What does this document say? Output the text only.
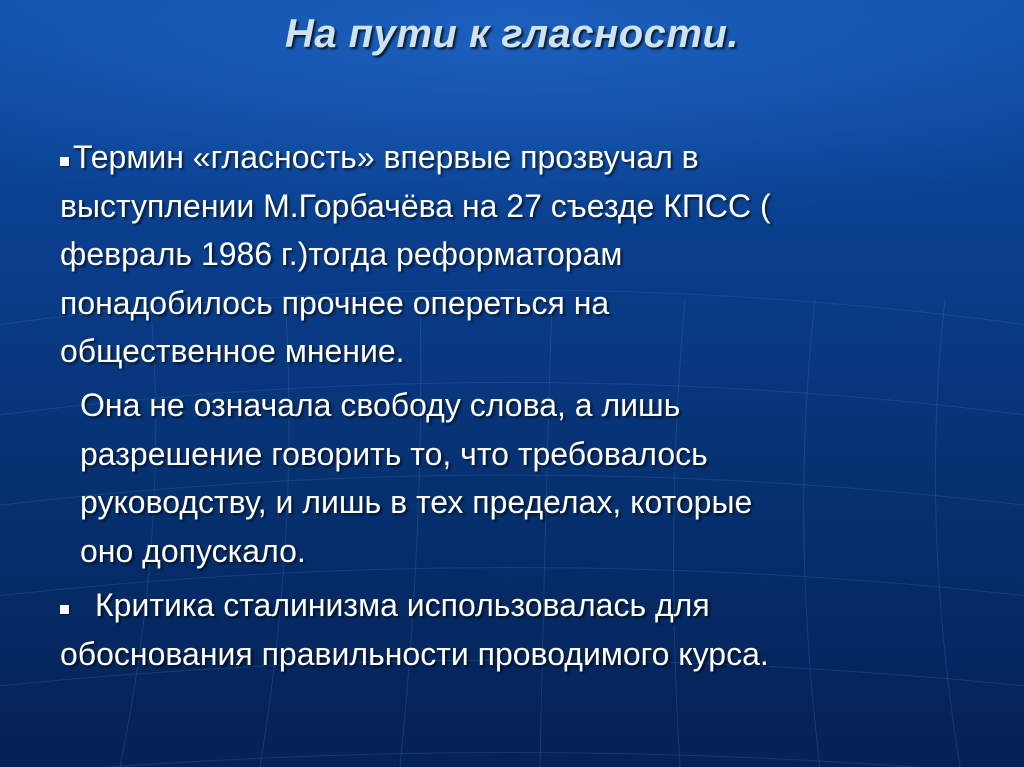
На пути к гласности.
Термин «гласность» впервые прозвучал в
выступлении М.Горбачёва на 27 съезде КПСС (
февраль 1986 г.)тогда реформаторам
понадобилось прочнее опереться на
общественное мнение.
Она не означала свободу слова, а лишь
разрешение говорить то, что требовалось
руководству, и лишь в тех пределах, которые
оно допускало.
Критика сталинизма использовалась для
обоснования правильности проводимого курса.
